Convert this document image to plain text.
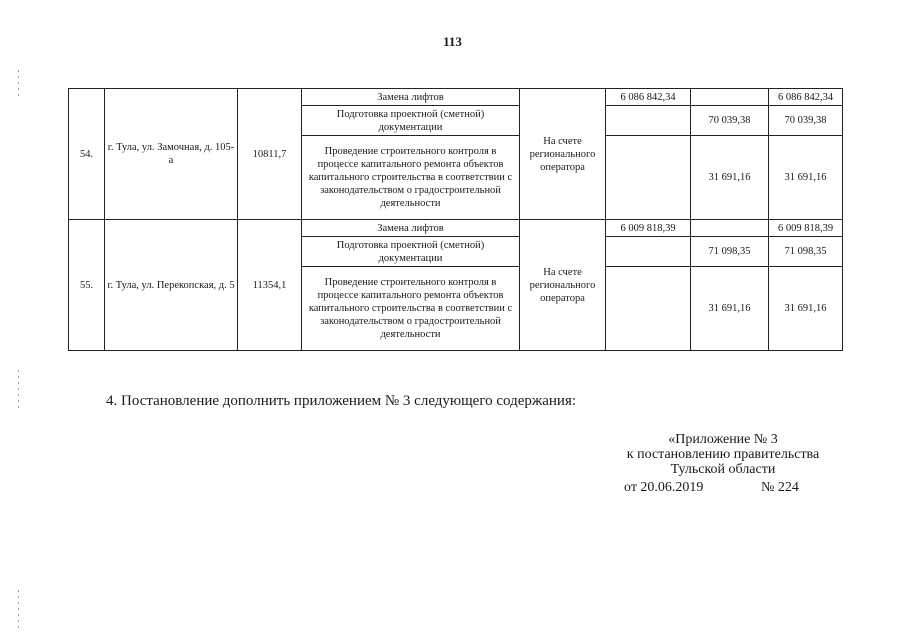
113
54.	г. Тула, ул. Замочная, д. 105-а	10811,7	Замена лифтов	На счете регионального оператора	6 086 842,34		6 086 842,34
			Подготовка проектной (сметной) документации			70 039,38	70 039,38
			Проведение строительного контроля в процессе капитального ремонта объектов капитального строительства в соответствии с законодательством о градостроительной деятельности			31 691,16	31 691,16
55.	г. Тула, ул. Перекопская, д. 5	11354,1	Замена лифтов	На счете регионального оператора	6 009 818,39		6 009 818,39
			Подготовка проектной (сметной) документации			71 098,35	71 098,35
			Проведение строительного контроля в процессе капитального ремонта объектов капитального строительства в соответствии с законодательством о градостроительной деятельности			31 691,16	31 691,16
4. Постановление дополнить приложением № 3 следующего содержания:
«Приложение № 3
к постановлению правительства
Тульской области
от 20.06.2019	№ 224
